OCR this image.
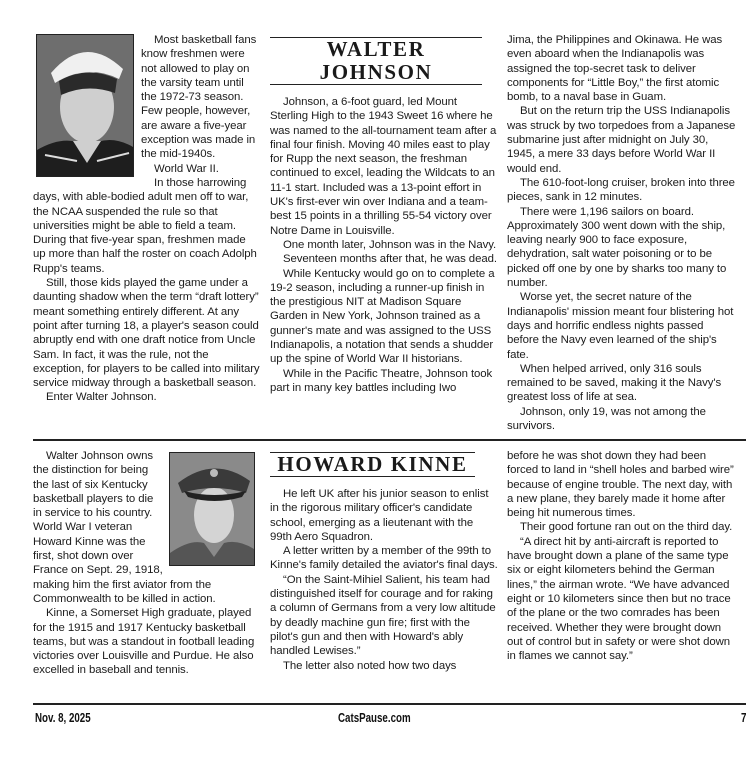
Most basketball fans know freshmen were not allowed to play on the varsity team until the 1972-73 season. Few people, however, are aware a five-year exception was made in the mid-1940s.

World War II.

In those harrowing days, with able-bodied adult men off to war, the NCAA suspended the rule so that universities might be able to field a team. During that five-year span, freshmen made up more than half the roster on coach Adolph Rupp's teams.

Still, those kids played the game under a daunting shadow when the term “draft lottery” meant something entirely different. At any point after turning 18, a player's season could abruptly end with one draft notice from Uncle Sam. In fact, it was the rule, not the exception, for players to be called into military service midway through a basketball season.

Enter Walter Johnson.

WALTER JOHNSON

Johnson, a 6-foot guard, led Mount Sterling High to the 1943 Sweet 16 where he was named to the all-tournament team after a final four finish. Moving 40 miles east to play for Rupp the next season, the freshman continued to excel, leading the Wildcats to an 11-1 start. Included was a 13-point effort in UK's first-ever win over Indiana and a team-best 15 points in a thrilling 55-54 victory over Notre Dame in Louisville.

One month later, Johnson was in the Navy.

Seventeen months after that, he was dead.

While Kentucky would go on to complete a 19-2 season, including a runner-up finish in the prestigious NIT at Madison Square Garden in New York, Johnson trained as a gunner's mate and was assigned to the USS Indianapolis, a notation that sends a shudder up the spine of World War II historians.

While in the Pacific Theatre, Johnson took part in many key battles including Iwo

Jima, the Philippines and Okinawa. He was even aboard when the Indianapolis was assigned the top-secret task to deliver components for “Little Boy,” the first atomic bomb, to a naval base in Guam.

But on the return trip the USS Indianapolis was struck by two torpedoes from a Japanese submarine just after midnight on July 30, 1945, a mere 33 days before World War II would end.

The 610-foot-long cruiser, broken into three pieces, sank in 12 minutes.

There were 1,196 sailors on board. Approximately 300 went down with the ship, leaving nearly 900 to face exposure, dehydration, salt water poisoning or to be picked off one by one by sharks too many to number.

Worse yet, the secret nature of the Indianapolis' mission meant four blistering hot days and horrific endless nights passed before the Navy even learned of the ship's fate.

When helped arrived, only 316 souls remained to be saved, making it the Navy's greatest loss of life at sea.

Johnson, only 19, was not among the survivors.

Walter Johnson owns the distinction for being the last of six Kentucky basketball players to die in service to his country. World War I veteran Howard Kinne was the first, shot down over France on Sept. 29, 1918, making him the first aviator from the Commonwealth to be killed in action.

Kinne, a Somerset High graduate, played for the 1915 and 1917 Kentucky basketball teams, but was a standout in football leading victories over Louisville and Purdue. He also excelled in baseball and tennis.

HOWARD KINNE

He left UK after his junior season to enlist in the rigorous military officer's candidate school, emerging as a lieutenant with the 99th Aero Squadron.

A letter written by a member of the 99th to Kinne's family detailed the aviator's final days.

“On the Saint-Mihiel Salient, his team had distinguished itself for courage and for raking a column of Germans from a very low altitude by deadly machine gun fire; first with the pilot's gun and then with Howard's ably handled Lewises.”

The letter also noted how two days

before he was shot down they had been forced to land in “shell holes and barbed wire” because of engine trouble. The next day, with a new plane, they barely made it home after being hit numerous times.

Their good fortune ran out on the third day.

“A direct hit by anti-aircraft is reported to have brought down a plane of the same type six or eight kilometers behind the German lines,” the airman wrote. “We have advanced eight or 10 kilometers since then but no trace of the plane or the two comrades has been received. Whether they were brought down out of control but in safety or were shot down in flames we cannot say.”

Nov. 8, 2025	CatsPause.com	7
